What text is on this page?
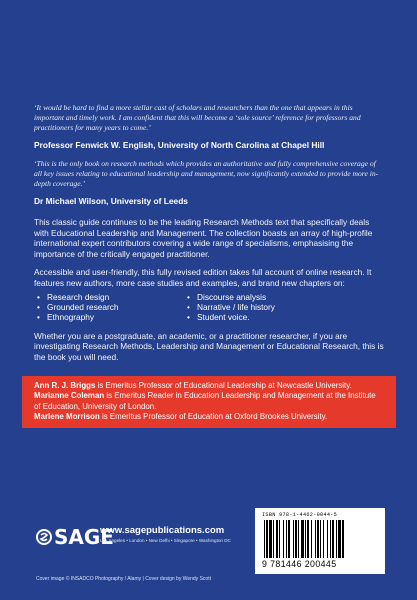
‘It would be hard to find a more stellar cast of scholars and researchers than the one that appears in this important and timely work. I am confident that this will become a ‘sole source’ reference for professors and practitioners for many years to come.’

Professor Fenwick W. English, University of North Carolina at Chapel Hill

‘This is the only book on research methods which provides an authoritative and fully comprehensive coverage of all key issues relating to educational leadership and management, now significantly extended to provide more in-depth coverage.’

Dr Michael Wilson, University of Leeds

This classic guide continues to be the leading Research Methods text that specifically deals with Educational Leadership and Management. The collection boasts an array of high-profile international expert contributors covering a wide range of specialisms, emphasising the importance of the critically engaged practitioner.

Accessible and user-friendly, this fully revised edition takes full account of online research. It features new authors, more case studies and examples, and brand new chapters on:

• Research design
• Grounded research
• Ethnography
• Discourse analysis
• Narrative / life history
• Student voice.

Whether you are a postgraduate, an academic, or a practitioner researcher, if you are investigating Research Methods, Leadership and Management or Educational Research, this is the book you will need.

Ann R. J. Briggs is Emeritus Professor of Educational Leadership at Newcastle University.
Marianne Coleman is Emeritus Reader in Education Leadership and Management at the Institute of Education, University of London.
Marlene Morrison is Emeritus Professor of Education at Oxford Brookes University.
SAGE
www.sagepublications.com
Los Angeles • London • New Delhi • Singapore • Washington DC
Cover image © INSADCO Photography / Alamy | Cover design by Wendy Scott
ISBN 978-1-4462-0044-5
9 781446 200445
